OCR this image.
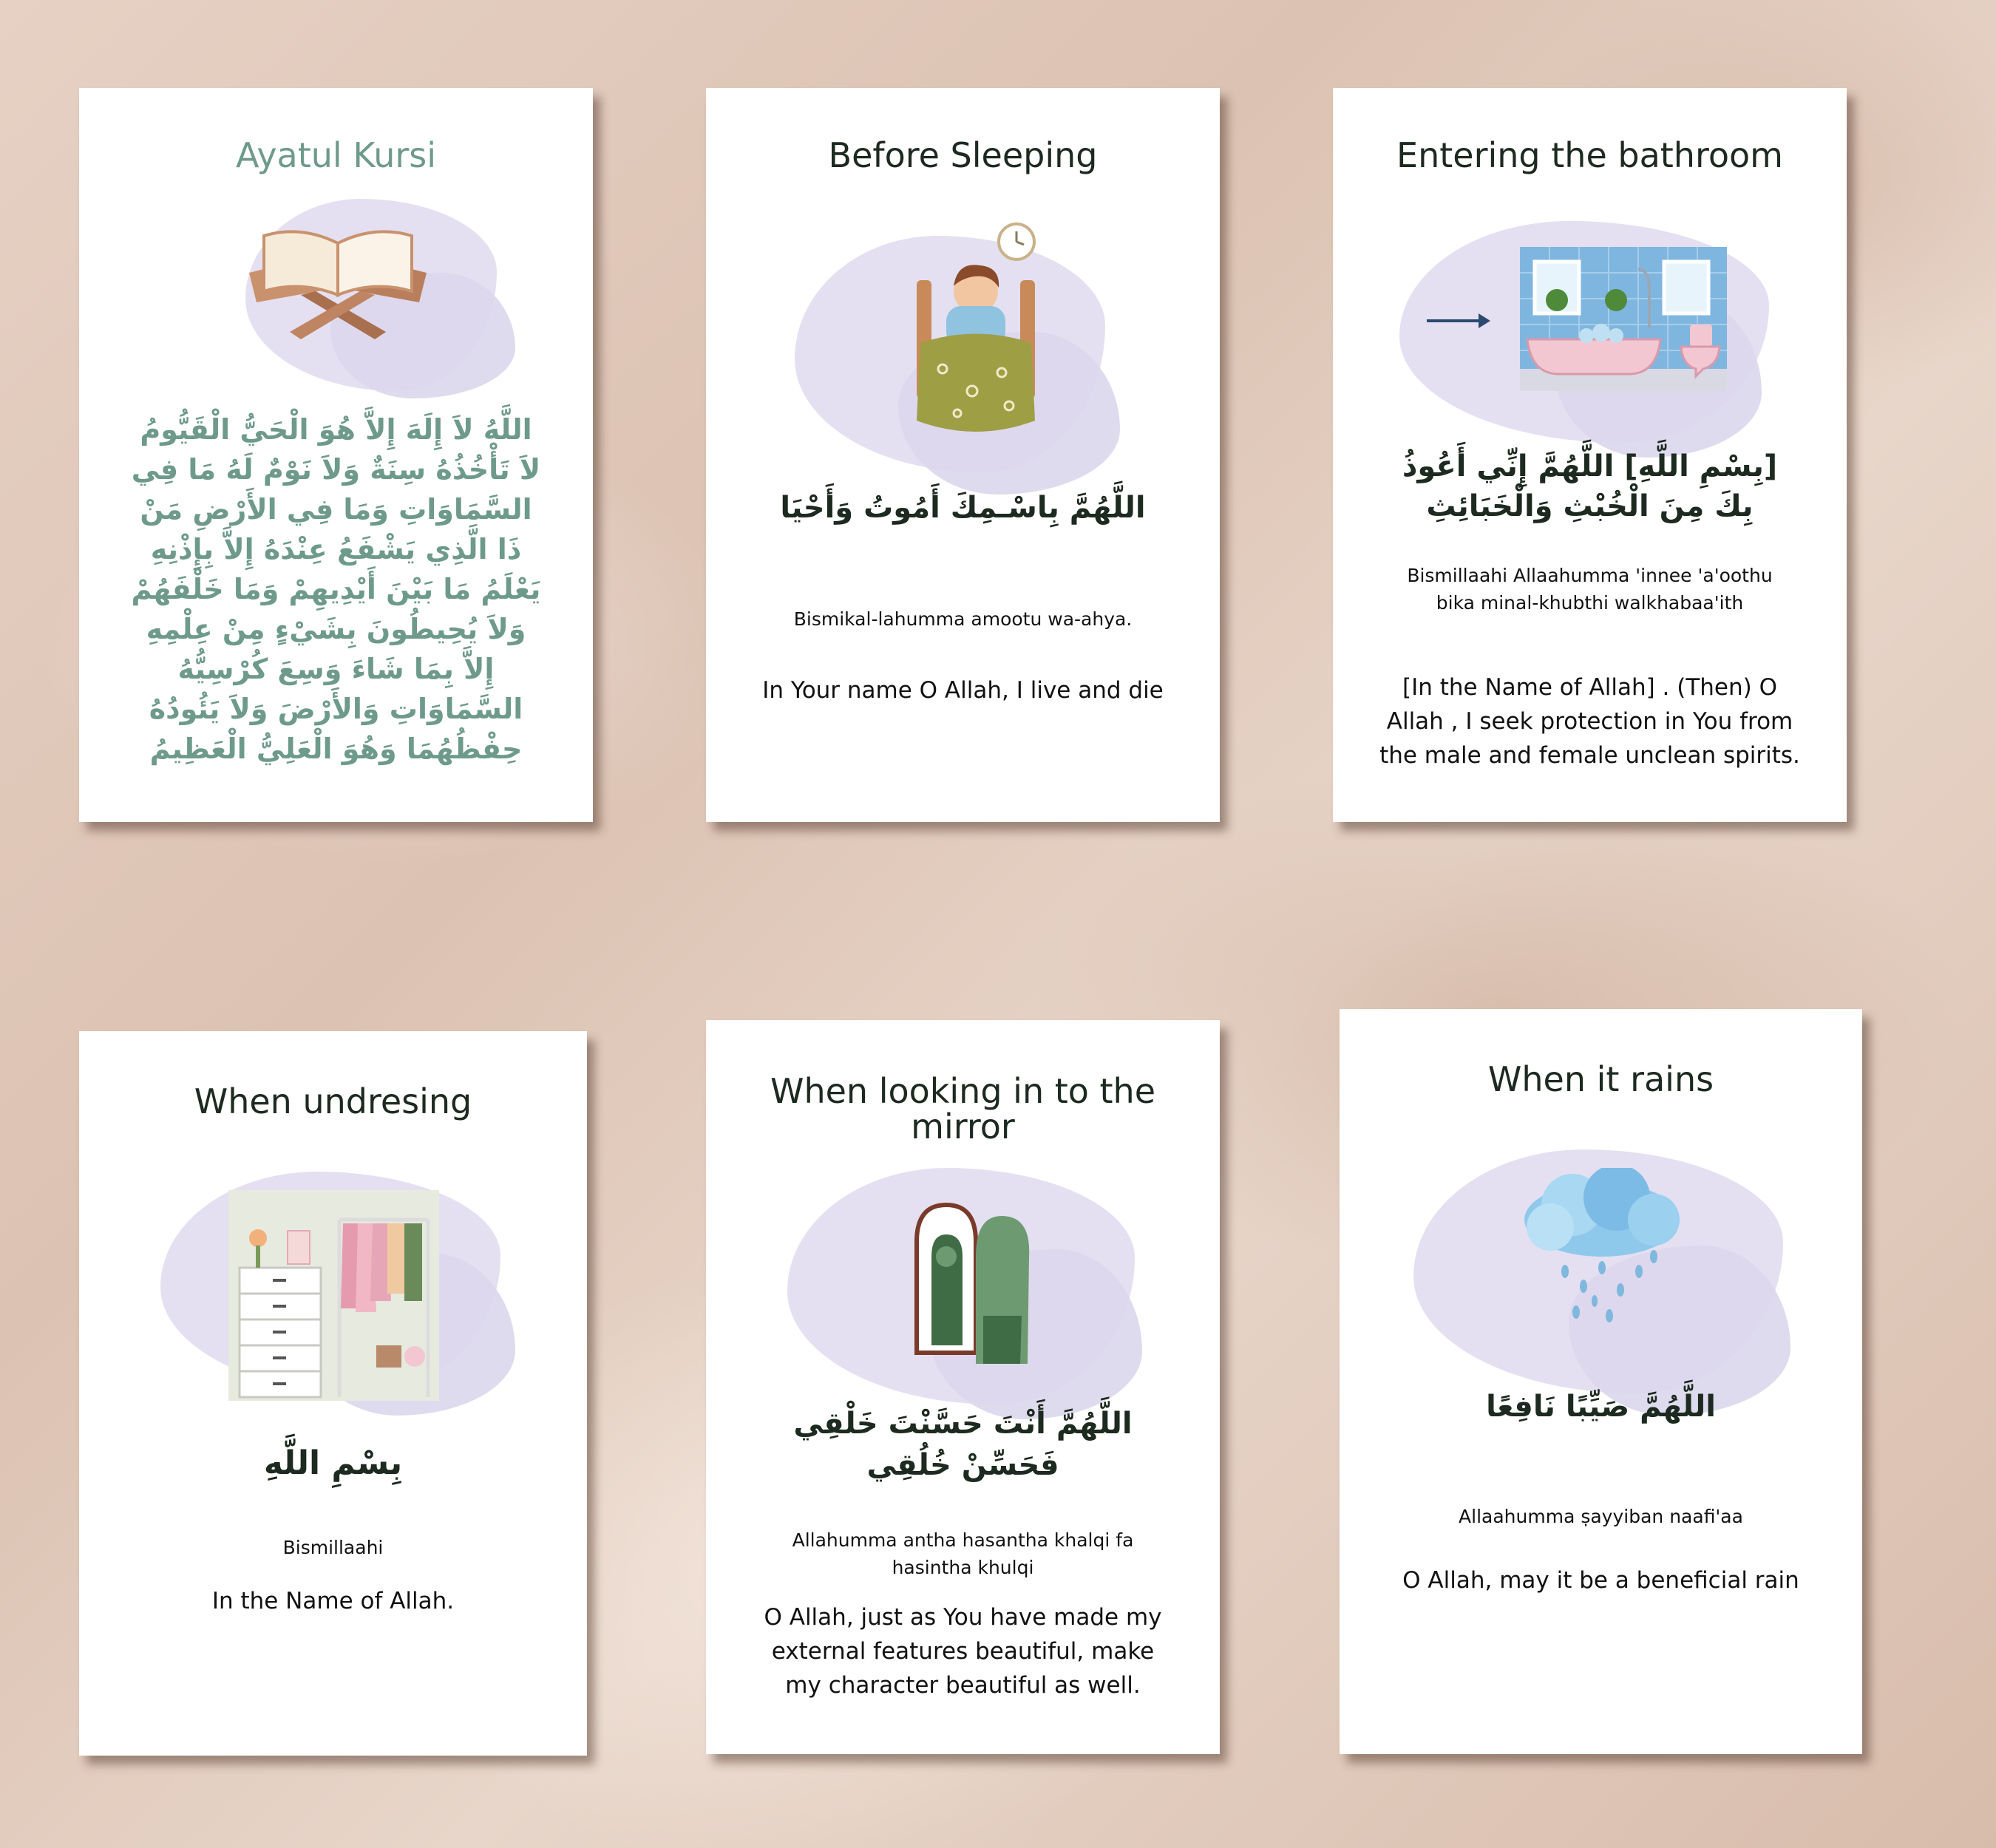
Ayatul Kursi
اللَّهُ لاَ إِلَهَ إِلاَّ هُوَ الْحَيُّ الْقَيُّومُ لاَ تَأْخُذُهُ سِنَةٌ وَلاَ نَوْمٌ لَهُ مَا فِي السَّمَاوَاتِ وَمَا فِي الأَرْضِ مَنْ ذَا الَّذِي يَشْفَعُ عِنْدَهُ إِلاَّ بِإِذْنِهِ يَعْلَمُ مَا بَيْنَ أَيْدِيهِمْ وَمَا خَلْفَهُمْ وَلاَ يُحِيطُونَ بِشَيْءٍ مِنْ عِلْمِهِ إِلاَّ بِمَا شَاءَ وَسِعَ كُرْسِيُّهُ السَّمَاوَاتِ وَالأَرْضَ وَلاَ يَئُودُهُ حِفْظُهُمَا وَهُوَ الْعَلِيُّ الْعَظِيمُ
Before Sleeping
اللَّهُمَّ بِاسْـمِكَ أَمُوتُ وَأَحْيَا
Bismikal-lahumma amootu wa-ahya.
In Your name O Allah, I live and die
Entering the bathroom
[بِسْمِ اللَّهِ] اللَّهُمَّ إِنِّي أَعُوذُ بِكَ مِنَ الْخُبْثِ وَالْخَبَائِثِ
Bismillaahi Allaahumma 'innee 'a'oothu bika minal-khubthi walkhabaa'ith
[In the Name of Allah] . (Then) O Allah , I seek protection in You from the male and female unclean spirits.
When undresing
بِسْمِ اللَّهِ
Bismillaahi
In the Name of Allah.
When looking in to the mirror
اللَّهُمَّ أَنْتَ حَسَّنْتَ خَلْقِي فَحَسِّنْ خُلُقِي
Allahumma antha hasantha khalqi fa hasintha khulqi
O Allah, just as You have made my external features beautiful, make my character beautiful as well.
When it rains
اللَّهُمَّ صَيِّبًا نَافِعًا
Allaahumma ṣayyiban naafi'aa
O Allah, may it be a beneficial rain
